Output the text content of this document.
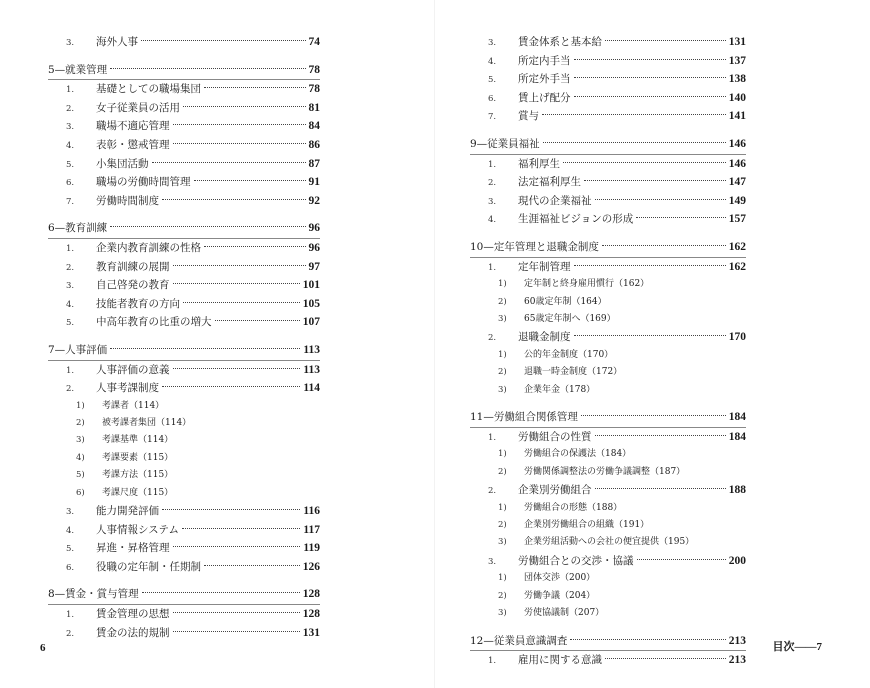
3.	海外人事	74
5—就業管理	78
1.	基礎としての職場集団	78
2.	女子従業員の活用	81
3.	職場不適応管理	84
4.	表彰・懲戒管理	86
5.	小集団活動	87
6.	職場の労働時間管理	91
7.	労働時間制度	92
6—教育訓練	96
1.	企業内教育訓練の性格	96
2.	教育訓練の展開	97
3.	自己啓発の教育	101
4.	技能者教育の方向	105
5.	中高年教育の比重の増大	107
7—人事評価	113
1.	人事評価の意義	113
2.	人事考課制度	114
1)	考課者（114）
2)	被考課者集団（114）
3)	考課基準（114）
4)	考課要素（115）
5)	考課方法（115）
6)	考課尺度（115）
3.	能力開発評価	116
4.	人事情報システム	117
5.	昇進・昇格管理	119
6.	役職の定年制・任期制	126
8—賃金・賞与管理	128
1.	賃金管理の思想	128
2.	賃金の法的規制	131
3.	賃金体系と基本給	131
4.	所定内手当	137
5.	所定外手当	138
6.	賃上げ配分	140
7.	賞与	141
9—従業員福祉	146
1.	福利厚生	146
2.	法定福利厚生	147
3.	現代の企業福祉	149
4.	生涯福祉ビジョンの形成	157
10—定年管理と退職金制度	162
1.	定年制管理	162
1)	定年制と終身雇用慣行（162）
2)	60歳定年制（164）
3)	65歳定年制へ（169）
2.	退職金制度	170
1)	公的年金制度（170）
2)	退職一時金制度（172）
3)	企業年金（178）
11—労働組合関係管理	184
1.	労働組合の性質	184
1)	労働組合の保護法（184）
2)	労働関係調整法の労働争議調整（187）
2.	企業別労働組合	188
1)	労働組合の形態（188）
2)	企業別労働組合の組織（191）
3)	企業労組活動への会社の便宜提供（195）
3.	労働組合との交渉・協議	200
1)	団体交渉（200）
2)	労働争議（204）
3)	労使協議制（207）
12—従業員意識調査	213
1.	雇用に関する意識	213
6	目次——7
